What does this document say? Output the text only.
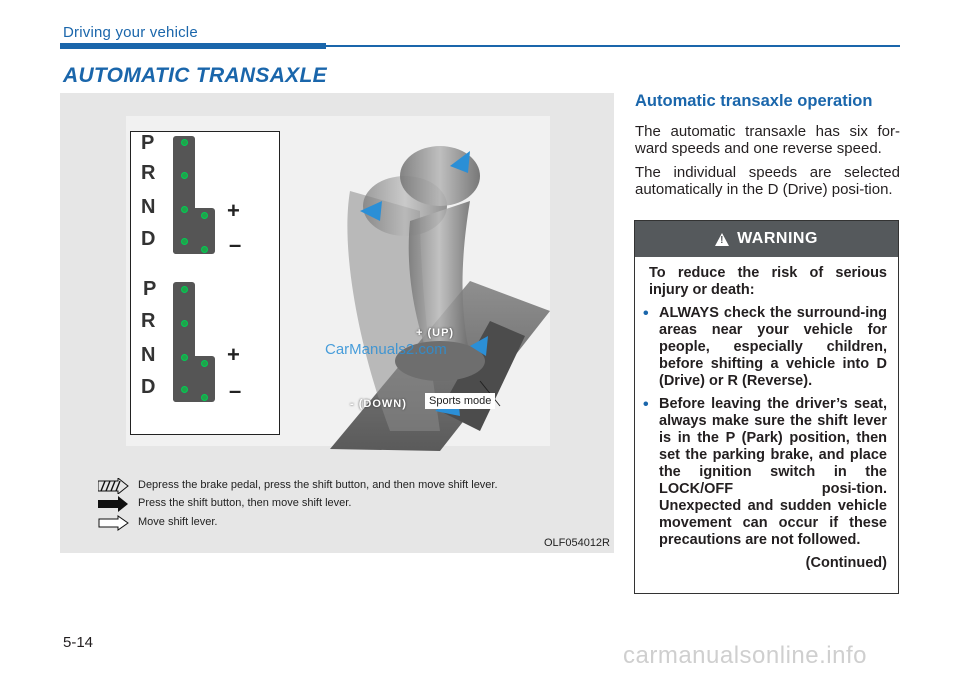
Driving your vehicle
AUTOMATIC TRANSAXLE
P
R
N
D
+
–
P
R
N
D
+
–
+ (UP)
- (DOWN)	Sports mode
CarManuals2.com
Depress the brake pedal, press the shift button, and then move shift lever.
Press the shift button, then move shift lever.
Move shift lever.
OLF054012R
Automatic transaxle operation

The automatic transaxle has six for-ward speeds and one reverse speed.

The individual speeds are selected automatically in the D (Drive) posi-tion.

! WARNING

To reduce the risk of serious injury or death:

• ALWAYS check the surround-ing areas near your vehicle for people, especially children, before shifting a vehicle into D (Drive) or R (Reverse).
• Before leaving the driver’s seat, always make sure the shift lever is in the P (Park) position, then set the parking brake, and place the ignition switch in the LOCK/OFF posi-tion. Unexpected and sudden vehicle movement can occur if these precautions are not followed.

(Continued)

5-14	carmanualsonline.info
